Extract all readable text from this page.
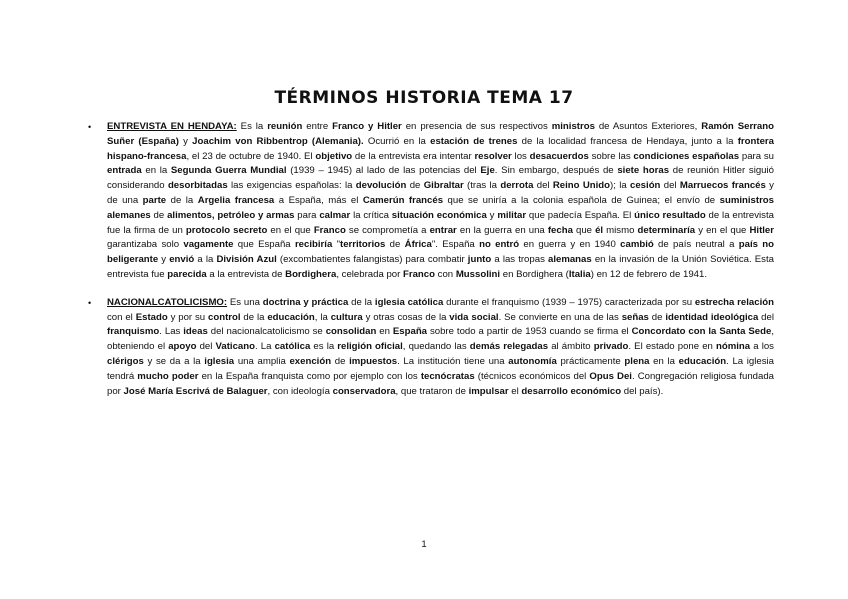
TÉRMINOS HISTORIA TEMA 17
• ENTREVISTA EN HENDAYA: Es la reunión entre Franco y Hitler en presencia de sus respectivos ministros de Asuntos Exteriores, Ramón Serrano Suñer (España) y Joachim von Ribbentrop (Alemania). Ocurrió en la estación de trenes de la localidad francesa de Hendaya, junto a la frontera hispano-francesa, el 23 de octubre de 1940. El objetivo de la entrevista era intentar resolver los desacuerdos sobre las condiciones españolas para su entrada en la Segunda Guerra Mundial (1939 – 1945) al lado de las potencias del Eje. Sin embargo, después de siete horas de reunión Hitler siguió considerando desorbitadas las exigencias españolas: la devolución de Gibraltar (tras la derrota del Reino Unido); la cesión del Marruecos francés y de una parte de la Argelia francesa a España, más el Camerún francés que se uniría a la colonia española de Guinea; el envío de suministros alemanes de alimentos, petróleo y armas para calmar la crítica situación económica y militar que padecía España. El único resultado de la entrevista fue la firma de un protocolo secreto en el que Franco se comprometía a entrar en la guerra en una fecha que él mismo determinaría y en el que Hitler garantizaba solo vagamente que España recibiría "territorios de África". España no entró en guerra y en 1940 cambió de país neutral a país no beligerante y envió a la División Azul (excombatientes falangistas) para combatir junto a las tropas alemanas en la invasión de la Unión Soviética. Esta entrevista fue parecida a la entrevista de Bordighera, celebrada por Franco con Mussolini en Bordighera (Italia) en 12 de febrero de 1941.
• NACIONALCATOLICISMO: Es una doctrina y práctica de la iglesia católica durante el franquismo (1939 – 1975) caracterizada por su estrecha relación con el Estado y por su control de la educación, la cultura y otras cosas de la vida social. Se convierte en una de las señas de identidad ideológica del franquismo. Las ideas del nacionalcatolicismo se consolidan en España sobre todo a partir de 1953 cuando se firma el Concordato con la Santa Sede, obteniendo el apoyo del Vaticano. La católica es la religión oficial, quedando las demás relegadas al ámbito privado. El estado pone en nómina a los clérigos y se da a la iglesia una amplia exención de impuestos. La institución tiene una autonomía prácticamente plena en la educación. La iglesia tendrá mucho poder en la España franquista como por ejemplo con los tecnócratas (técnicos económicos del Opus Dei. Congregación religiosa fundada por José María Escrivá de Balaguer, con ideología conservadora, que trataron de impulsar el desarrollo económico del país).
1
